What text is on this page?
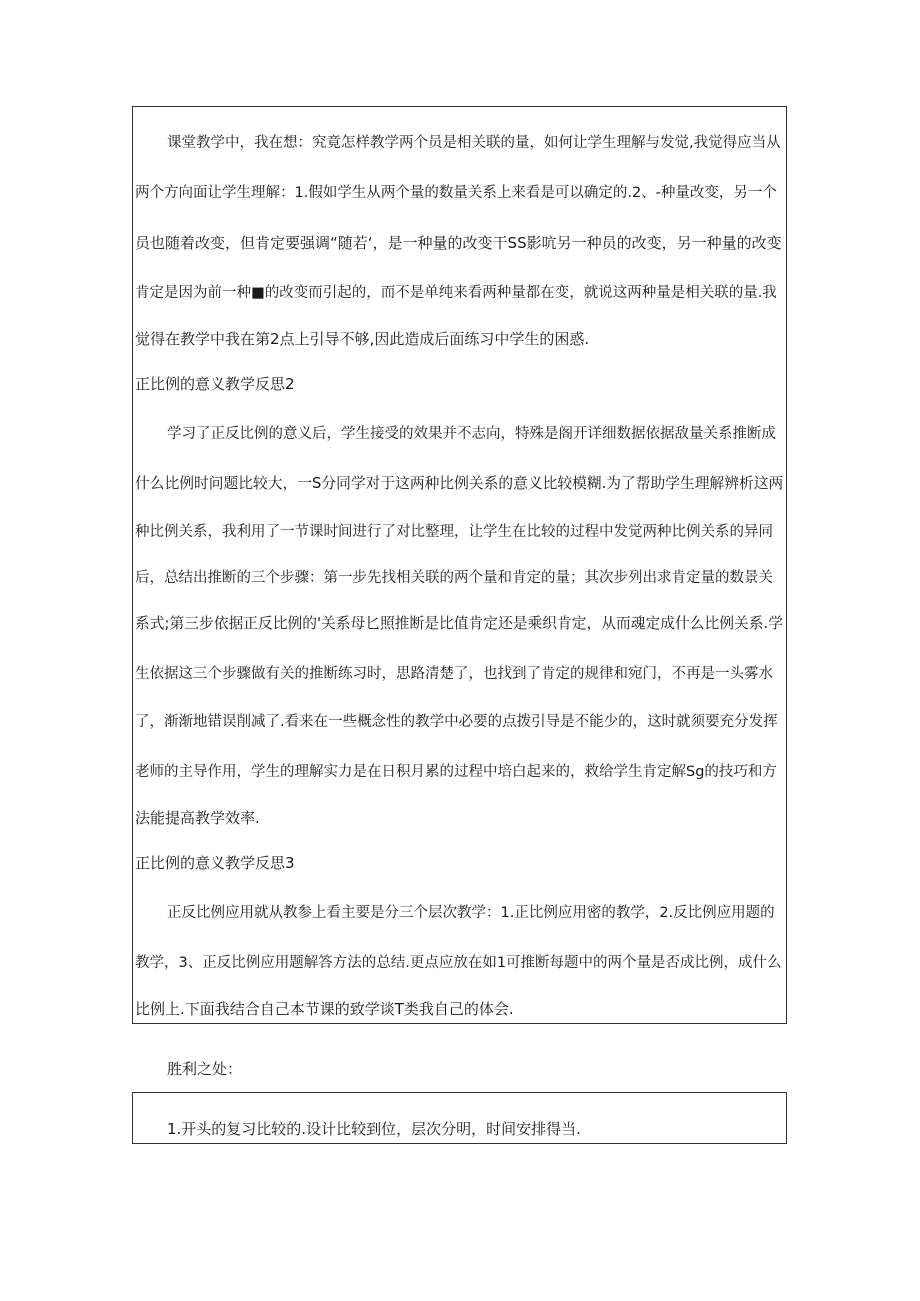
课堂教学中，我在想：究竟怎样教学两个员是相关联的量，如何让学生理解与发觉,我觉得应当从
两个方向面让学生理解：1.假如学生从两个量的数量关系上来看是可以确定的.2、-种量改变，另一个
员也随着改变，但肯定要强调“随若‘，是一种量的改变干SS影吭另一种员的改变，另一种量的改变
肯定是因为前一种■的改变而引起的，而不是单纯来看两种量都在变，就说这两种量是相关联的量.我
觉得在教学中我在第2点上引导不够,因此造成后面练习中学生的困惑.
正比例的意义教学反思2
学习了正反比例的意义后，学生接受的效果并不志向，特殊是阁开详细数据依据敌量关系推断成
什么比例时问题比较大，一S分同学对于这两种比例关系的意义比较模糊.为了帮助学生理解辨析这两
种比例关系，我利用了一节课时间进行了对比整理，让学生在比较的过程中发觉两种比例关系的异同
后，总结出推断的三个步骤：第一步先找相关联的两个量和肯定的量；其次步列出求肯定量的数景关
系式;第三步依据正反比例的'关系母匕照推断是比值肯定还是乘织肯定，从而魂定成什么比例关系.学
生依据这三个步骤做有关的推断练习时，思路清楚了，也找到了肯定的规律和宛门，不再是一头雾水
了，渐渐地错误削减了.看来在一些概念性的教学中必要的点拨引导是不能少的，这时就须要充分发挥
老师的主导作用，学生的理解实力是在日积月累的过程中培白起来的，救给学生肯定解Sg的技巧和方
法能提高教学效率.
正比例的意义教学反思3
正反比例应用就从教参上看主要是分三个层次教学：1.正比例应用密的教学，2.反比例应用题的
教学，3、正反比例应用题解答方法的总结.更点应放在如1可推断每题中的两个量是否成比例，成什么
比例上.下面我结合自己本节课的致学谈T类我自己的体会.
胜利之处：
1.开头的复习比较的.设计比较到位，层次分明，时间安排得当.
